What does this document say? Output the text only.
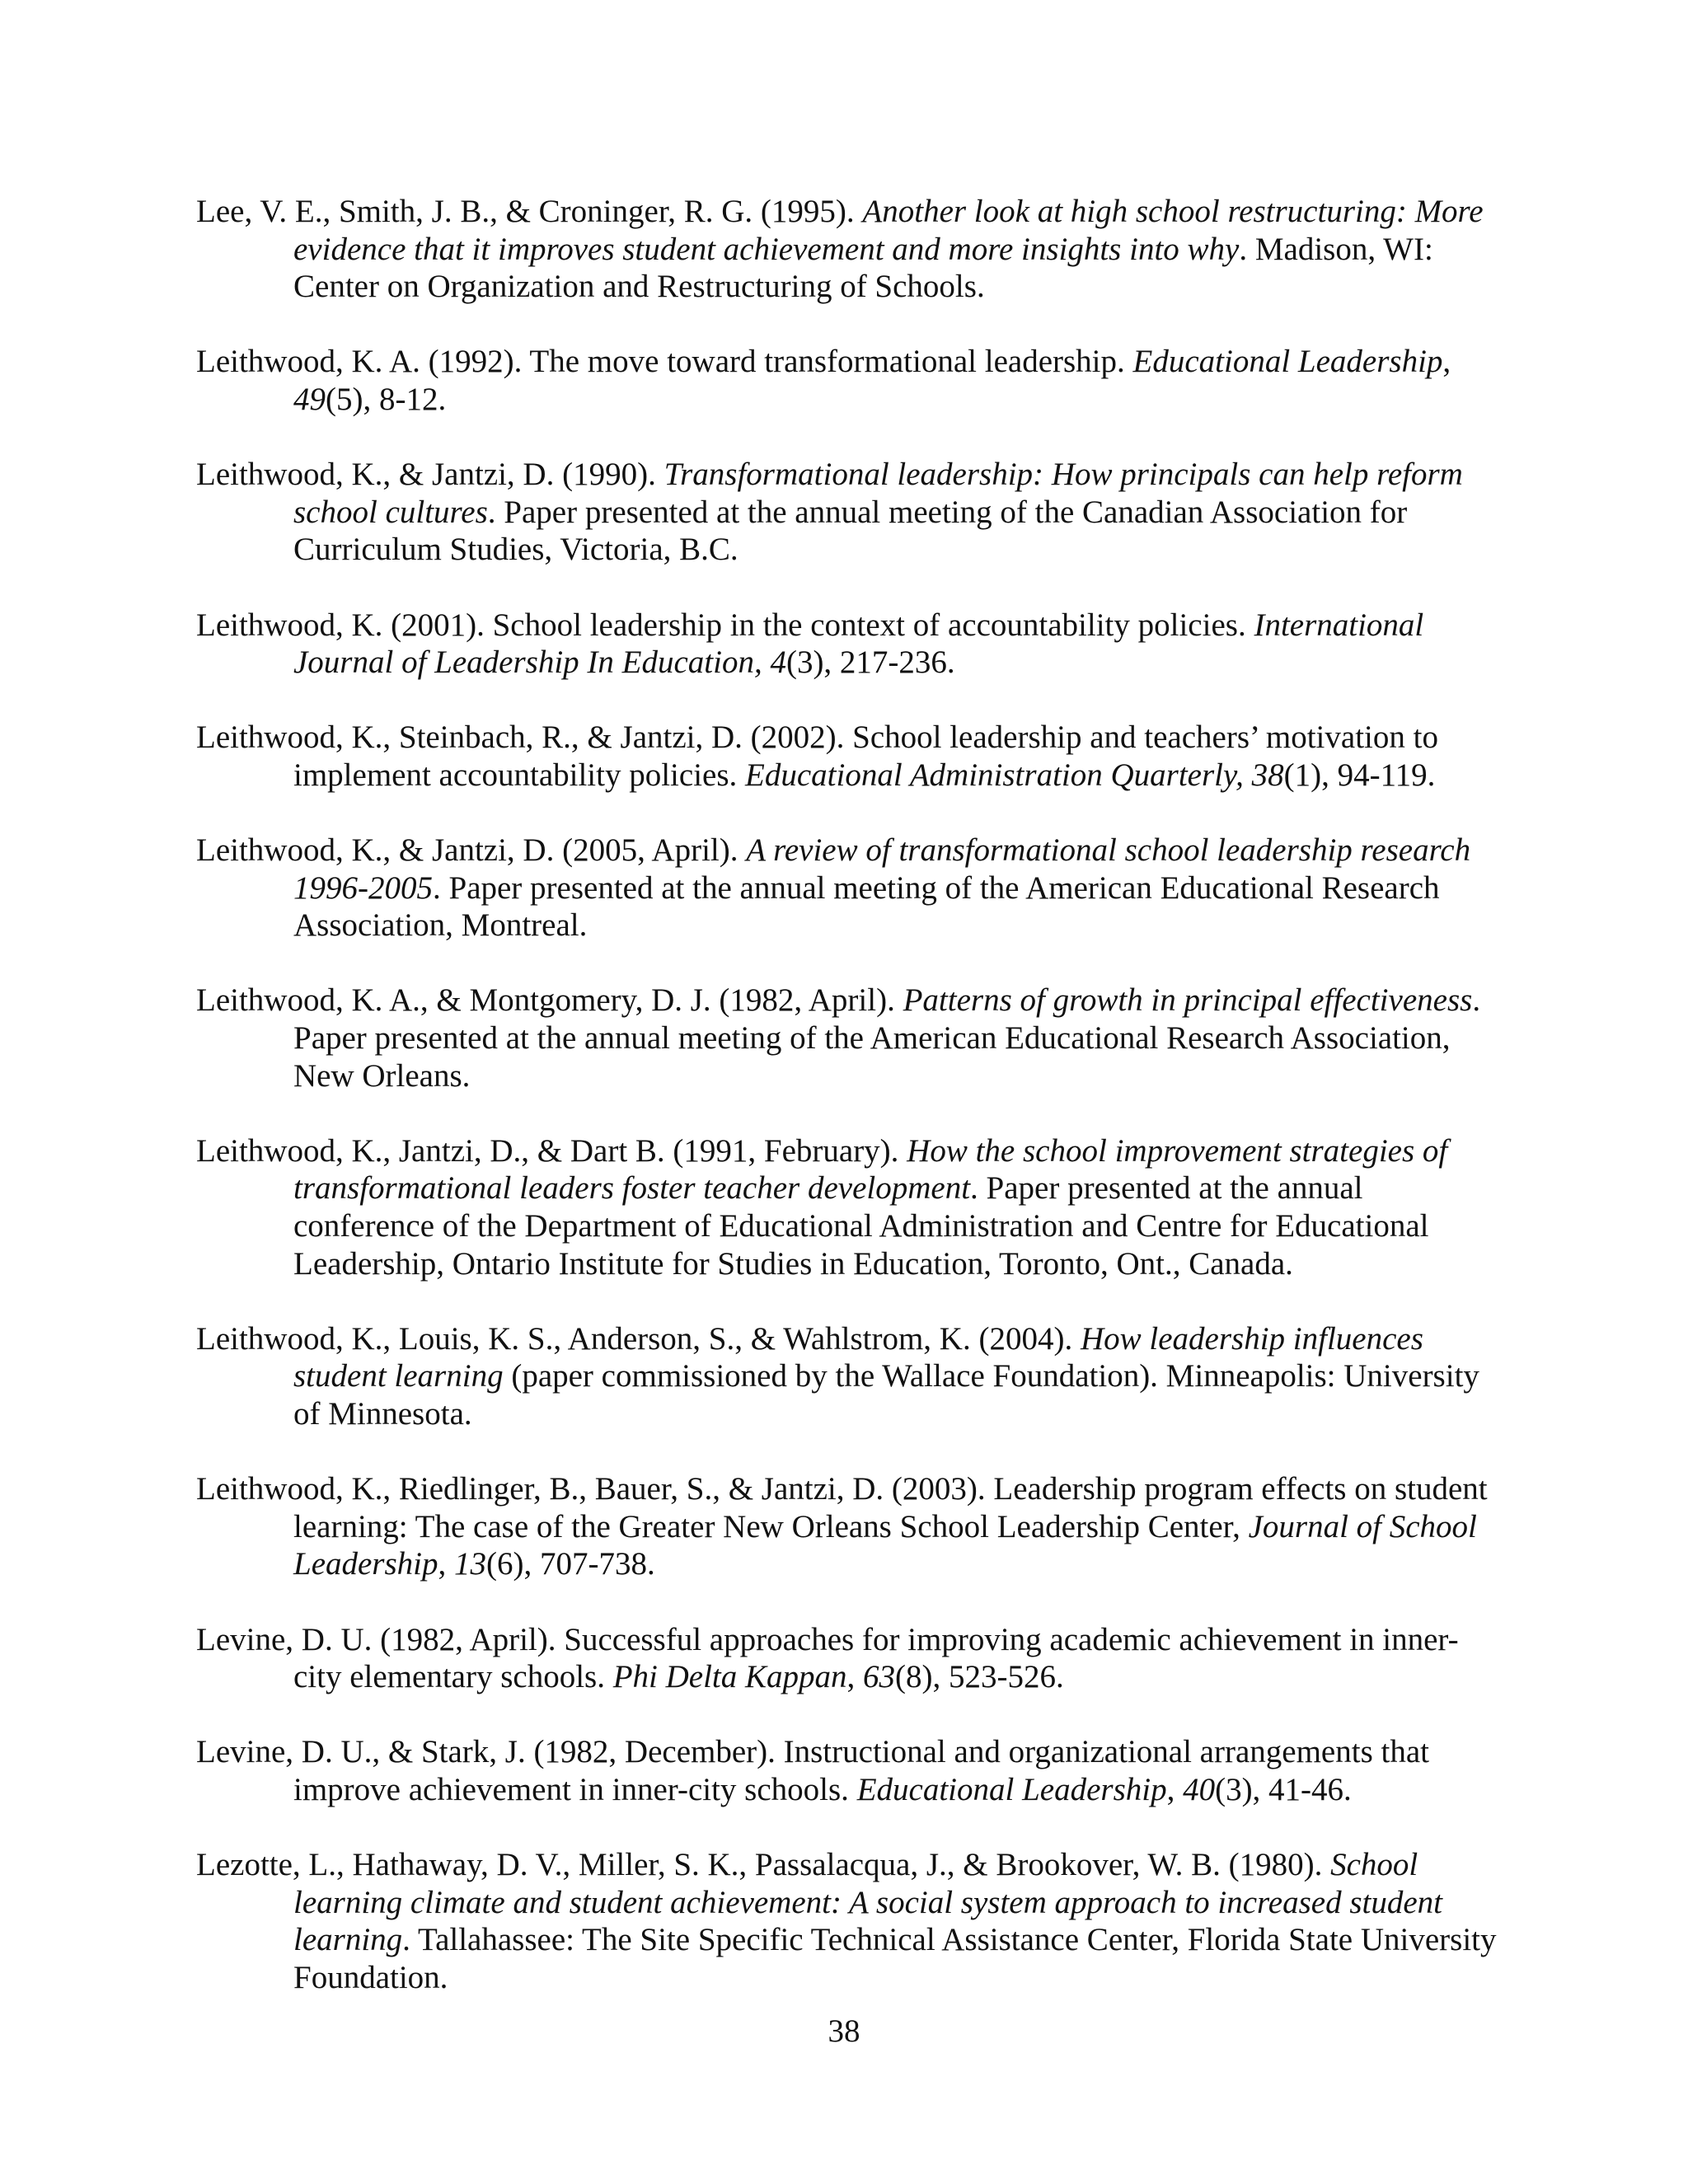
Lee, V. E., Smith, J. B., & Croninger, R. G. (1995). Another look at high school restructuring: More evidence that it improves student achievement and more insights into why. Madison, WI: Center on Organization and Restructuring of Schools.
Leithwood, K. A. (1992). The move toward transformational leadership. Educational Leadership, 49(5), 8-12.
Leithwood, K., & Jantzi, D. (1990). Transformational leadership: How principals can help reform school cultures. Paper presented at the annual meeting of the Canadian Association for Curriculum Studies, Victoria, B.C.
Leithwood, K. (2001). School leadership in the context of accountability policies. International Journal of Leadership In Education, 4(3), 217-236.
Leithwood, K., Steinbach, R., & Jantzi, D. (2002). School leadership and teachers’ motivation to implement accountability policies. Educational Administration Quarterly, 38(1), 94-119.
Leithwood, K., & Jantzi, D. (2005, April). A review of transformational school leadership research 1996-2005. Paper presented at the annual meeting of the American Educational Research Association, Montreal.
Leithwood, K. A., & Montgomery, D. J. (1982, April). Patterns of growth in principal effectiveness. Paper presented at the annual meeting of the American Educational Research Association, New Orleans.
Leithwood, K., Jantzi, D., & Dart B. (1991, February). How the school improvement strategies of transformational leaders foster teacher development. Paper presented at the annual conference of the Department of Educational Administration and Centre for Educational Leadership, Ontario Institute for Studies in Education, Toronto, Ont., Canada.
Leithwood, K., Louis, K. S., Anderson, S., & Wahlstrom, K. (2004). How leadership influences student learning (paper commissioned by the Wallace Foundation). Minneapolis: University of Minnesota.
Leithwood, K., Riedlinger, B., Bauer, S., & Jantzi, D. (2003). Leadership program effects on student learning: The case of the Greater New Orleans School Leadership Center, Journal of School Leadership, 13(6), 707-738.
Levine, D. U. (1982, April). Successful approaches for improving academic achievement in inner-city elementary schools. Phi Delta Kappan, 63(8), 523-526.
Levine, D. U., & Stark, J. (1982, December). Instructional and organizational arrangements that improve achievement in inner-city schools. Educational Leadership, 40(3), 41-46.
Lezotte, L., Hathaway, D. V., Miller, S. K., Passalacqua, J., & Brookover, W. B. (1980). School learning climate and student achievement: A social system approach to increased student learning. Tallahassee: The Site Specific Technical Assistance Center, Florida State University Foundation.
38
